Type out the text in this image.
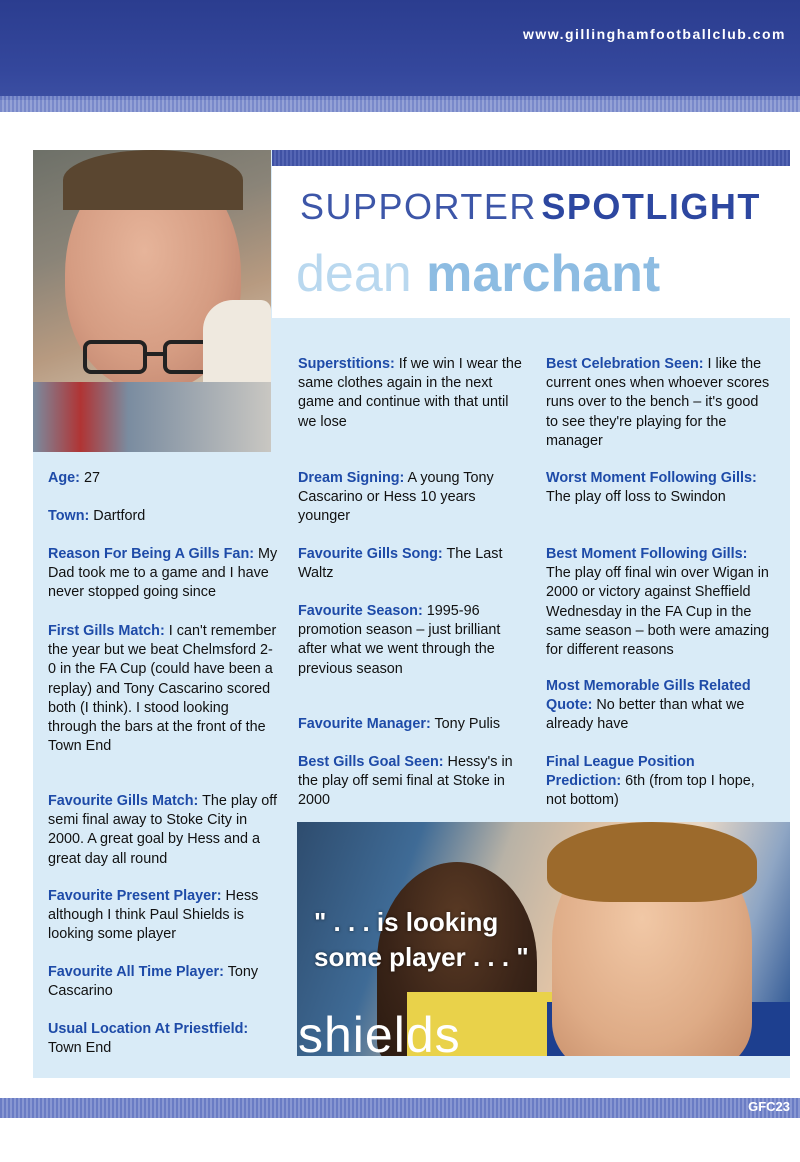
www.gillinghamfootballclub.com
SUPPORTER SPOTLIGHT
dean marchant
Age: 27
Town: Dartford
Reason For Being A Gills Fan: My Dad took me to a game and I have never stopped going since
First Gills Match: I can't remember the year but we beat Chelmsford 2-0 in the FA Cup (could have been a replay) and Tony Cascarino scored both (I think). I stood looking through the bars at the front of the Town End
Favourite Gills Match: The play off semi final away to Stoke City in 2000. A great goal by Hess and a great day all round
Favourite Present Player: Hess although I think Paul Shields is looking some player
Favourite All Time Player: Tony Cascarino
Usual Location At Priestfield: Town End
Superstitions: If we win I wear the same clothes again in the next game and continue with that until we lose
Dream Signing: A young Tony Cascarino or Hess 10 years younger
Favourite Gills Song: The Last Waltz
Favourite Season: 1995-96 promotion season – just brilliant after what we went through the previous season
Favourite Manager: Tony Pulis
Best Gills Goal Seen: Hessy's in the play off semi final at Stoke in 2000
Best Celebration Seen: I like the current ones when whoever scores runs over to the bench – it's good to see they're playing for the manager
Worst Moment Following Gills: The play off loss to Swindon
Best Moment Following Gills: The play off final win over Wigan in 2000 or victory against Sheffield Wednesday in the FA Cup in the same season – both were amazing for different reasons
Most Memorable Gills Related Quote: No better than what we already have
Final League Position Prediction: 6th (from top I hope, not bottom)
" . . . is looking
some player . . . "
shields
GFC23
